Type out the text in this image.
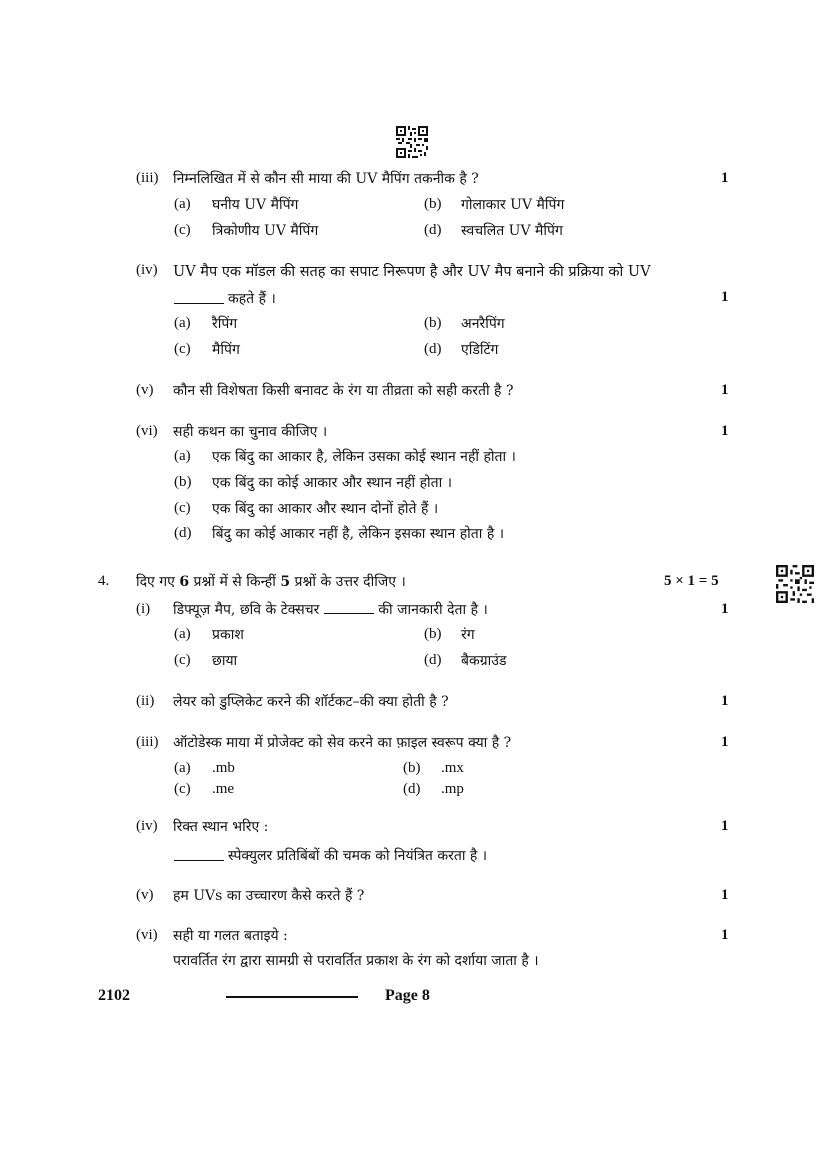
(iii) निम्नलिखित में से कौन सी माया की UV मैपिंग तकनीक है ?	1
(a) घनीय UV मैपिंग	(b) गोलाकार UV मैपिंग
(c) त्रिकोणीय UV मैपिंग	(d) स्वचलित UV मैपिंग
(iv) UV मैप एक मॉडल की सतह का सपाट निरूपण है और UV मैप बनाने की प्रक्रिया को UV
कहते हैं ।	1
(a) रैपिंग	(b) अनरैपिंग
(c) मैपिंग	(d) एडिटिंग
(v) कौन सी विशेषता किसी बनावट के रंग या तीव्रता को सही करती है ?	1
(vi) सही कथन का चुनाव कीजिए ।	1
(a) एक बिंदु का आकार है, लेकिन उसका कोई स्थान नहीं होता ।
(b) एक बिंदु का कोई आकार और स्थान नहीं होता ।
(c) एक बिंदु का आकार और स्थान दोनों होते हैं ।
(d) बिंदु का कोई आकार नहीं है, लेकिन इसका स्थान होता है ।
4. दिए गए 6 प्रश्नों में से किन्हीं 5 प्रश्नों के उत्तर दीजिए ।	5 × 1 = 5
(i) डिफ्यूज़ मैप, छवि के टेक्सचर	की जानकारी देता है ।	1
(a) प्रकाश	(b) रंग
(c) छाया	(d) बैकग्राउंड
(ii) लेयर को डुप्लिकेट करने की शॉर्टकट–की क्या होती है ?	1
(iii) ऑटोडेस्क माया में प्रोजेक्ट को सेव करने का फ़ाइल स्वरूप क्या है ?	1
(a) .mb	(b) .mx
(c) .me	(d) .mp
(iv) रिक्त स्थान भरिए :	1
स्पेक्युलर प्रतिबिंबों की चमक को नियंत्रित करता है ।
(v) हम UVs का उच्चारण कैसे करते हैं ?	1
(vi) सही या गलत बताइये :	1
परावर्तित रंग द्वारा सामग्री से परावर्तित प्रकाश के रंग को दर्शाया जाता है ।
2102	Page 8
